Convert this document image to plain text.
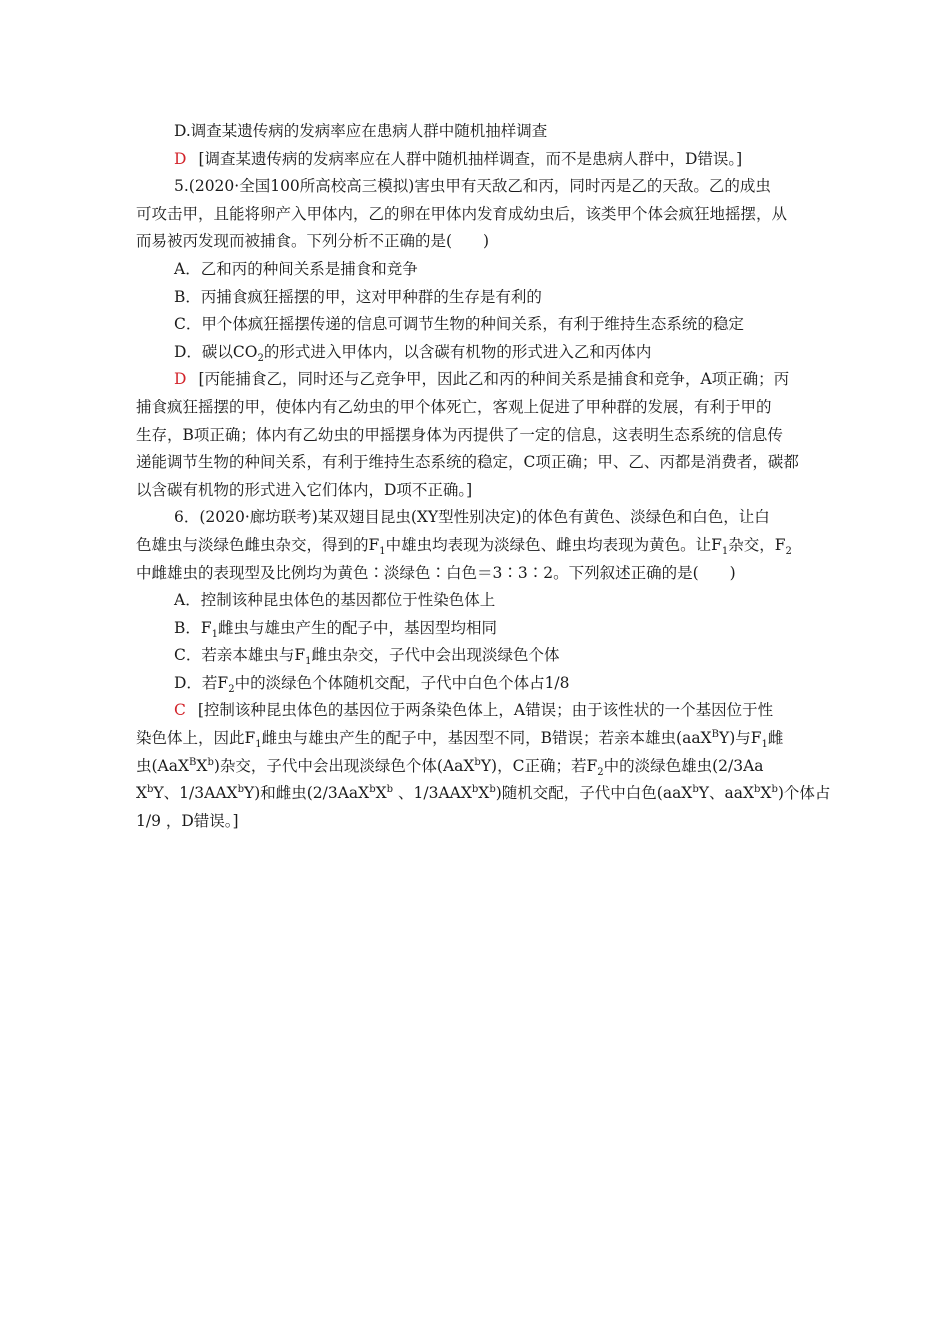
D.调查某遗传病的发病率应在患病人群中随机抽样调查
D [调查某遗传病的发病率应在人群中随机抽样调查，而不是患病人群中，D错误。]
5.(2020·全国100所高校高三模拟)害虫甲有天敌乙和丙，同时丙是乙的天敌。乙的成虫
可攻击甲，且能将卵产入甲体内，乙的卵在甲体内发育成幼虫后，该类甲个体会疯狂地摇摆，从
而易被丙发现而被捕食。下列分析不正确的是(　　)
A．乙和丙的种间关系是捕食和竞争
B．丙捕食疯狂摇摆的甲，这对甲种群的生存是有利的
C．甲个体疯狂摇摆传递的信息可调节生物的种间关系，有利于维持生态系统的稳定
D．碳以$CO_2$的形式进入甲体内，以含碳有机物的形式进入乙和丙体内
D [丙能捕食乙，同时还与乙竞争甲，因此乙和丙的种间关系是捕食和竞争，A项正确；丙
捕食疯狂摇摆的甲，使体内有乙幼虫的甲个体死亡，客观上促进了甲种群的发展，有利于甲的
生存，B项正确；体内有乙幼虫的甲摇摆身体为丙提供了一定的信息，这表明生态系统的信息传
递能调节生物的种间关系，有利于维持生态系统的稳定，C项正确；甲、乙、丙都是消费者，碳都
以含碳有机物的形式进入它们体内，D项不正确。]
6．(2020·廊坊联考)某双翅目昆虫(XY型性别决定)的体色有黄色、淡绿色和白色，让白
色雄虫与淡绿色雌虫杂交，得到的$F_1$中雄虫均表现为淡绿色、雌虫均表现为黄色。让$F_1$杂交，$F_2$
中雌雄虫的表现型及比例均为黄色∶淡绿色∶白色＝3∶3∶2。下列叙述正确的是(　　)
A．控制该种昆虫体色的基因都位于性染色体上
B．$F_1$雌虫与雄虫产生的配子中，基因型均相同
C．若亲本雄虫与$F_1$雌虫杂交，子代中会出现淡绿色个体
D．若$F_2$中的淡绿色个体随机交配，子代中白色个体占1/8
C [控制该种昆虫体色的基因位于两条染色体上，A错误；由于该性状的一个基因位于性
染色体上，因此$F_1$雌虫与雄虫产生的配子中，基因型不同，B错误；若亲本雄虫(aaX$^B$Y)与$F_1$雌
虫$(AaX^BX^b)$杂交，子代中会出现淡绿色个体(AaX$^b$Y)，C正确；若$F_2$中的淡绿色雄虫(2/3Aa
$X^bY$、1/3AAX$^b$Y)和雌虫($2/3AaX^bX^b$ 、$1/3AAX^bX^b$)随机交配，子代中白色(aaX$^b$Y、$aaX^bX^b$)个体占
1/9 ，D错误。]
